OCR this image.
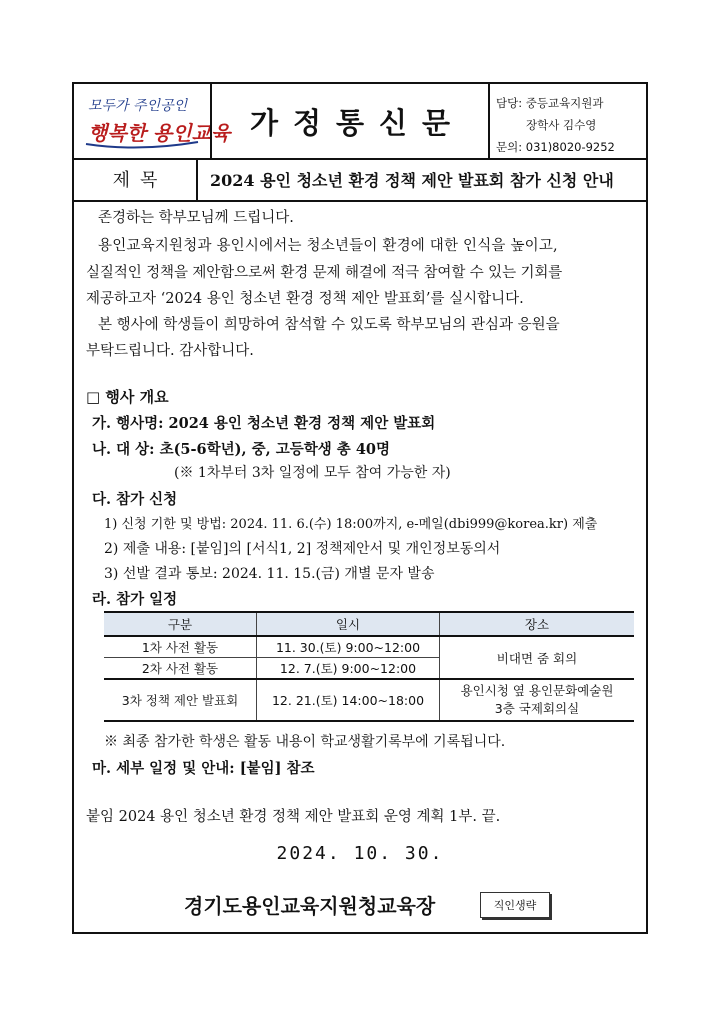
모두가 주인공인
행복한 용인교육 가정통신문
담당: 중등교육지원과
장학사 김수영
문의: 031)8020-9252
제목	2024 용인 청소년 환경 정책 제안 발표회 참가 신청 안내
존경하는 학부모님께 드립니다.
용인교육지원청과 용인시에서는 청소년들이 환경에 대한 인식을 높이고,
실질적인 정책을 제안함으로써 환경 문제 해결에 적극 참여할 수 있는 기회를
제공하고자 ‘2024 용인 청소년 환경 정책 제안 발표회’를 실시합니다.
본 행사에 학생들이 희망하여 참석할 수 있도록 학부모님의 관심과 응원을
부탁드립니다. 감사합니다.
□ 행사 개요
가. 행사명: 2024 용인 청소년 환경 정책 제안 발표회
나. 대 상: 초(5-6학년), 중, 고등학생 총 40명
(※ 1차부터 3차 일정에 모두 참여 가능한 자)
다. 참가 신청
1) 신청 기한 및 방법: 2024. 11. 6.(수) 18:00까지, e-메일(dbi999@korea.kr) 제출
2) 제출 내용: [붙임]의 [서식1, 2] 정책제안서 및 개인정보동의서
3) 선발 결과 통보: 2024. 11. 15.(금) 개별 문자 발송
라. 참가 일정
구분	일시	장소
1차 사전 활동	11. 30.(토) 9:00~12:00	비대면 줌 회의
2차 사전 활동	12. 7.(토) 9:00~12:00	
3차 정책 제안 발표회	12. 21.(토) 14:00~18:00	용인시청 옆 용인문화예술원
3층 국제회의실
※ 최종 참가한 학생은 활동 내용이 학교생활기록부에 기록됩니다.
마. 세부 일정 및 안내: [붙임] 참조
붙임 2024 용인 청소년 환경 정책 제안 발표회 운영 계획 1부. 끝.
2024. 10. 30.
경기도용인교육지원청교육장	직인생략
